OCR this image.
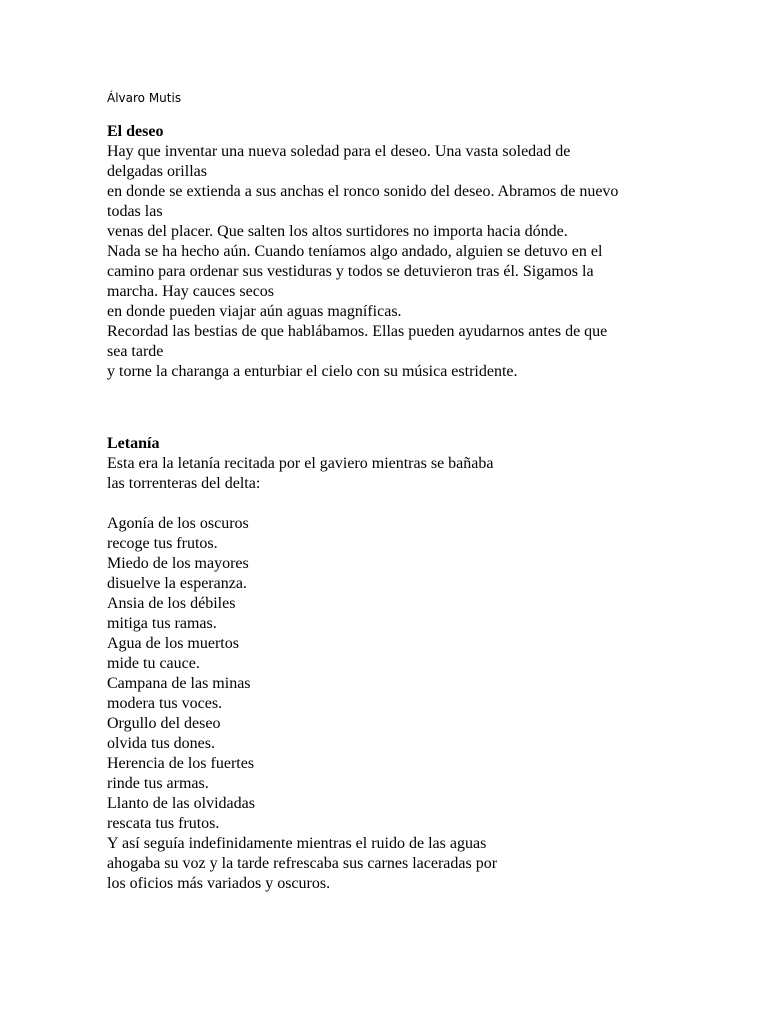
Álvaro Mutis

El deseo

Hay que inventar una nueva soledad para el deseo. Una vasta soledad de

delgadas orillas

en donde se extienda a sus anchas el ronco sonido del deseo. Abramos de nuevo

todas las

venas del placer. Que salten los altos surtidores no importa hacia dónde.

Nada se ha hecho aún. Cuando teníamos algo andado, alguien se detuvo en el

camino para ordenar sus vestiduras y todos se detuvieron tras él. Sigamos la

marcha. Hay cauces secos

en donde pueden viajar aún aguas magníficas.

Recordad las bestias de que hablábamos. Ellas pueden ayudarnos antes de que

sea tarde

y torne la charanga a enturbiar el cielo con su música estridente.

Letanía

Esta era la letanía recitada por el gaviero mientras se bañaba

las torrenteras del delta:

Agonía de los oscuros

recoge tus frutos.

Miedo de los mayores

disuelve la esperanza.

Ansia de los débiles

mitiga tus ramas.

Agua de los muertos

mide tu cauce.

Campana de las minas

modera tus voces.

Orgullo del deseo

olvida tus dones.

Herencia de los fuertes

rinde tus armas.

Llanto de las olvidadas

rescata tus frutos.

Y así seguía indefinidamente mientras el ruido de las aguas

ahogaba su voz y la tarde refrescaba sus carnes laceradas por

los oficios más variados y oscuros.
